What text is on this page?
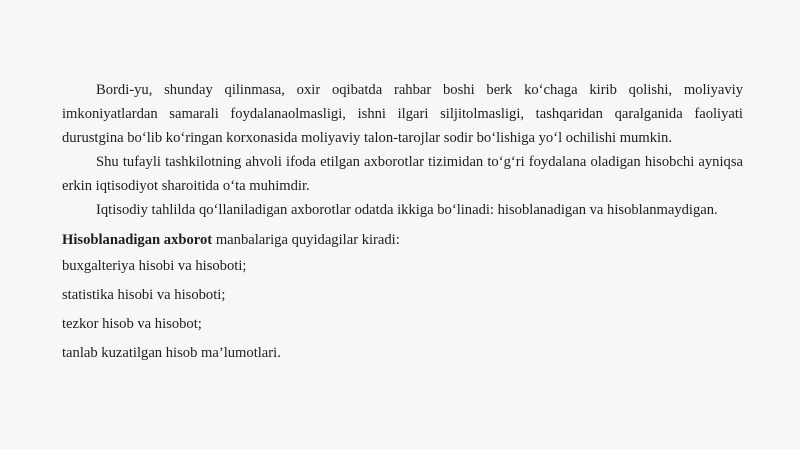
Bordi-yu, shunday qilinmasa, oxir oqibatda rahbar boshi berk ko‘chaga kirib qolishi, moliyaviy imkoniyatlardan samarali foydalanaolmasligi, ishni ilgari siljitolmasligi, tashqaridan qaralganida faoliyati durustgina bo‘lib ko‘ringan korxonasida moliyaviy talon-tarojlar sodir bo‘lishiga yo‘l ochilishi mumkin.

Shu tufayli tashkilotning ahvoli ifoda etilgan axborotlar tizimidan to‘g‘ri foydalana oladigan hisobchi ayniqsa erkin iqtisodiyot sharoitida o‘ta muhimdir.

Iqtisodiy tahlilda qo‘llaniladigan axborotlar odatda ikkiga bo‘linadi: hisoblanadigan va hisoblanmaydigan.

Hisoblanadigan axborot manbalariga quyidagilar kiradi:

buxgalteriya hisobi va hisoboti;
statistika hisobi va hisoboti;
tezkor hisob va hisobot;
tanlab kuzatilgan hisob ma’lumotlari.
